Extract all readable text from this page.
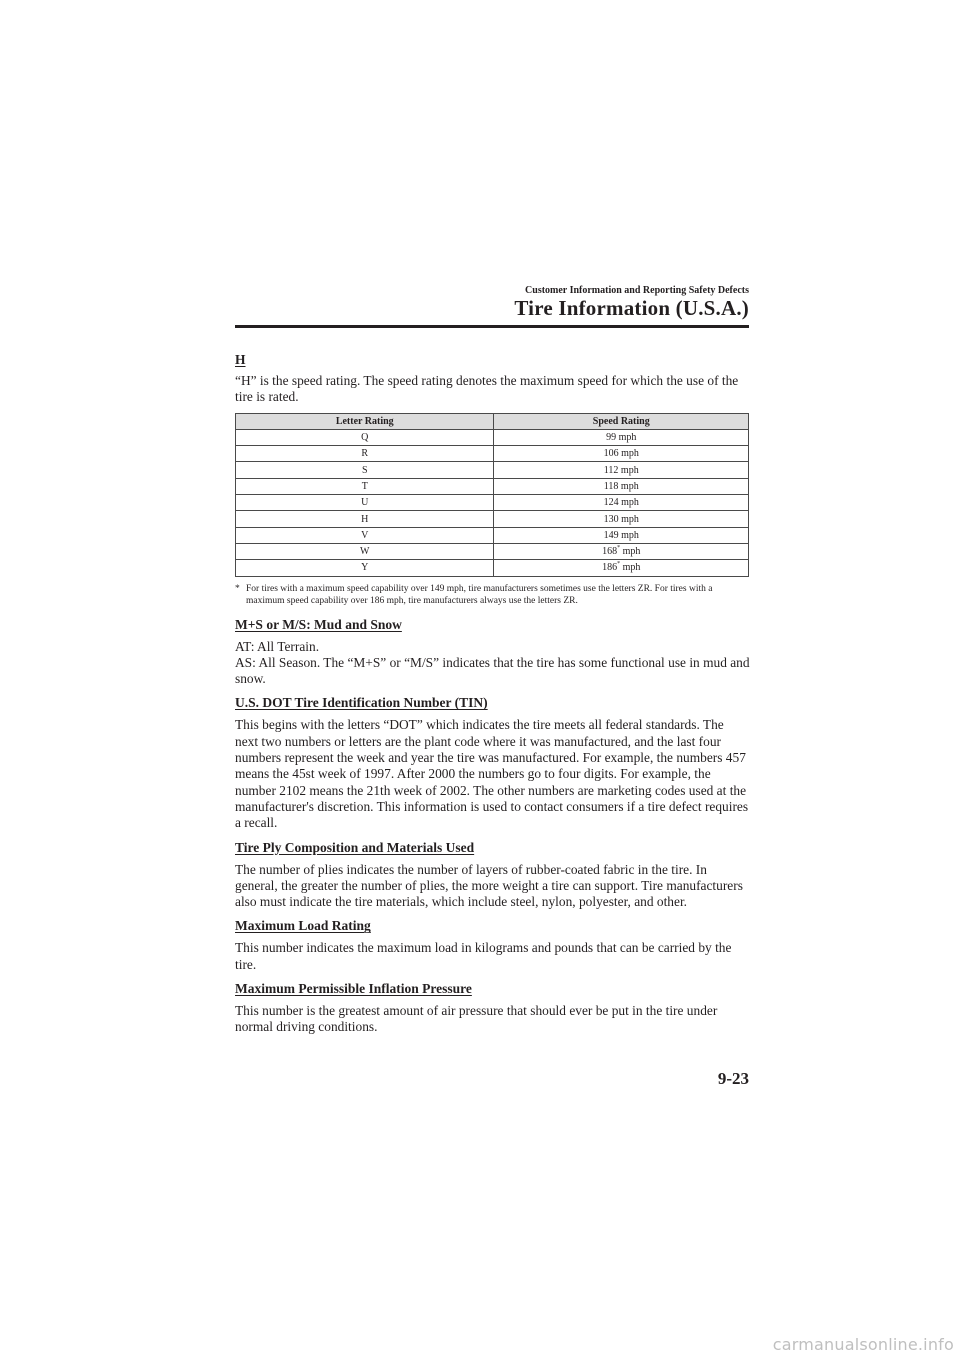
Customer Information and Reporting Safety Defects
Tire Information (U.S.A.)
H

“H” is the speed rating. The speed rating denotes the maximum speed for which the use of the tire is rated.

Letter Rating	Speed Rating
Q	99 mph
R	106 mph
S	112 mph
T	118 mph
U	124 mph
H	130 mph
V	149 mph
W	168* mph
Y	186* mph
* For tires with a maximum speed capability over 149 mph, tire manufacturers sometimes use the letters ZR. For tires with a maximum speed capability over 186 mph, tire manufacturers always use the letters ZR.
M+S or M/S: Mud and Snow

AT: All Terrain.
AS: All Season. The “M+S” or “M/S” indicates that the tire has some functional use in mud and snow.

U.S. DOT Tire Identification Number (TIN)

This begins with the letters “DOT” which indicates the tire meets all federal standards. The next two numbers or letters are the plant code where it was manufactured, and the last four numbers represent the week and year the tire was manufactured. For example, the numbers 457 means the 45st week of 1997. After 2000 the numbers go to four digits. For example, the number 2102 means the 21th week of 2002. The other numbers are marketing codes used at the manufacturer's discretion. This information is used to contact consumers if a tire defect requires a recall.

Tire Ply Composition and Materials Used

The number of plies indicates the number of layers of rubber-coated fabric in the tire. In general, the greater the number of plies, the more weight a tire can support. Tire manufacturers also must indicate the tire materials, which include steel, nylon, polyester, and other.

Maximum Load Rating

This number indicates the maximum load in kilograms and pounds that can be carried by the tire.

Maximum Permissible Inflation Pressure

This number is the greatest amount of air pressure that should ever be put in the tire under normal driving conditions.

9-23
carmanualsonline.info
